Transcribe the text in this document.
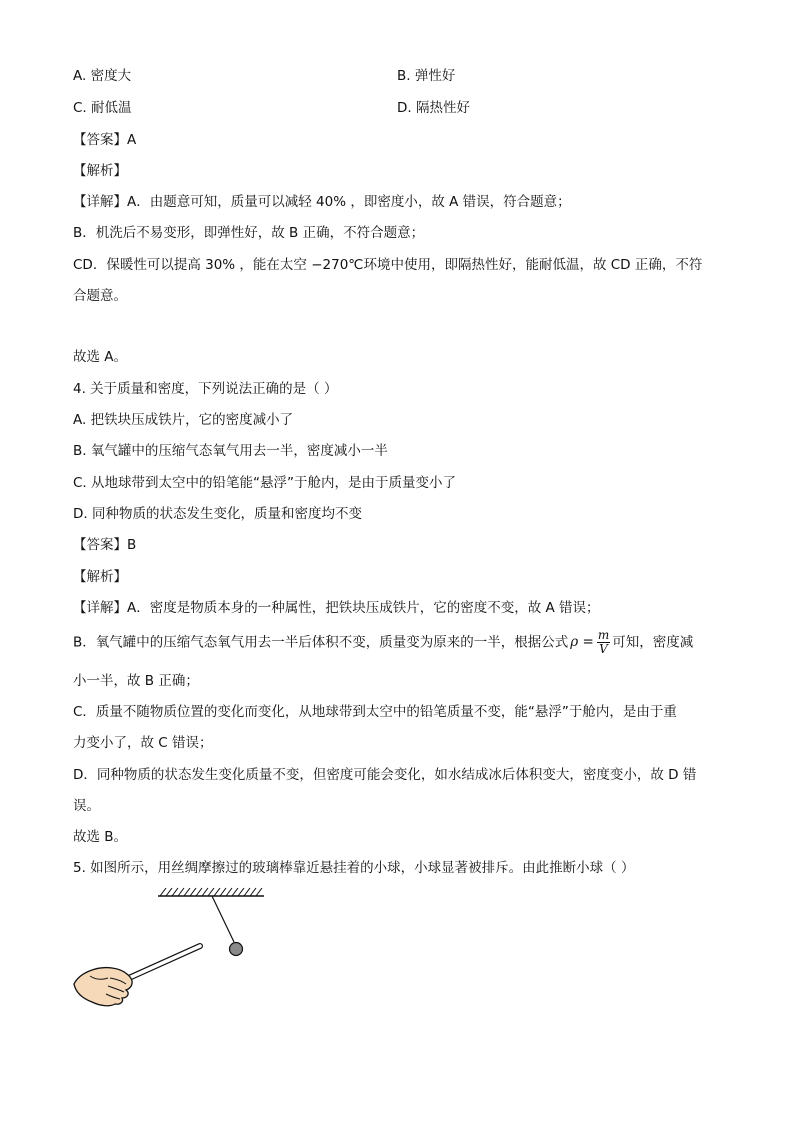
A. 密度大	B. 弹性好
C. 耐低温	D. 隔热性好
【答案】A
【解析】
【详解】A．由题意可知，质量可以减轻 40% ，即密度小，故 A 错误，符合题意；
B．机洗后不易变形，即弹性好，故 B 正确，不符合题意；
CD．保暖性可以提高 30% ，能在太空 −270℃环境中使用，即隔热性好，能耐低温，故 CD 正确，不符
合题意。
故选 A。
4. 关于质量和密度，下列说法正确的是（ ）
A. 把铁块压成铁片，它的密度减小了
B. 氧气罐中的压缩气态氧气用去一半，密度减小一半
C. 从地球带到太空中的铅笔能“悬浮”于舱内，是由于质量变小了
D. 同种物质的状态发生变化，质量和密度均不变
【答案】B
【解析】
【详解】A．密度是物质本身的一种属性，把铁块压成铁片，它的密度不变，故 A 错误；
B．氧气罐中的压缩气态氧气用去一半后体积不变，质量变为原来的一半，根据公式 $\rho = \frac{m}{V}$ 可知，密度减
小一半，故 B 正确；
C．质量不随物质位置的变化而变化，从地球带到太空中的铅笔质量不变，能“悬浮”于舱内，是由于重
力变小了，故 C 错误；
D．同种物质的状态发生变化质量不变，但密度可能会变化，如水结成冰后体积变大，密度变小，故 D 错
误。
故选 B。
5. 如图所示，用丝绸摩擦过的玻璃棒靠近悬挂着的小球，小球显著被排斥。由此推断小球（ ）
